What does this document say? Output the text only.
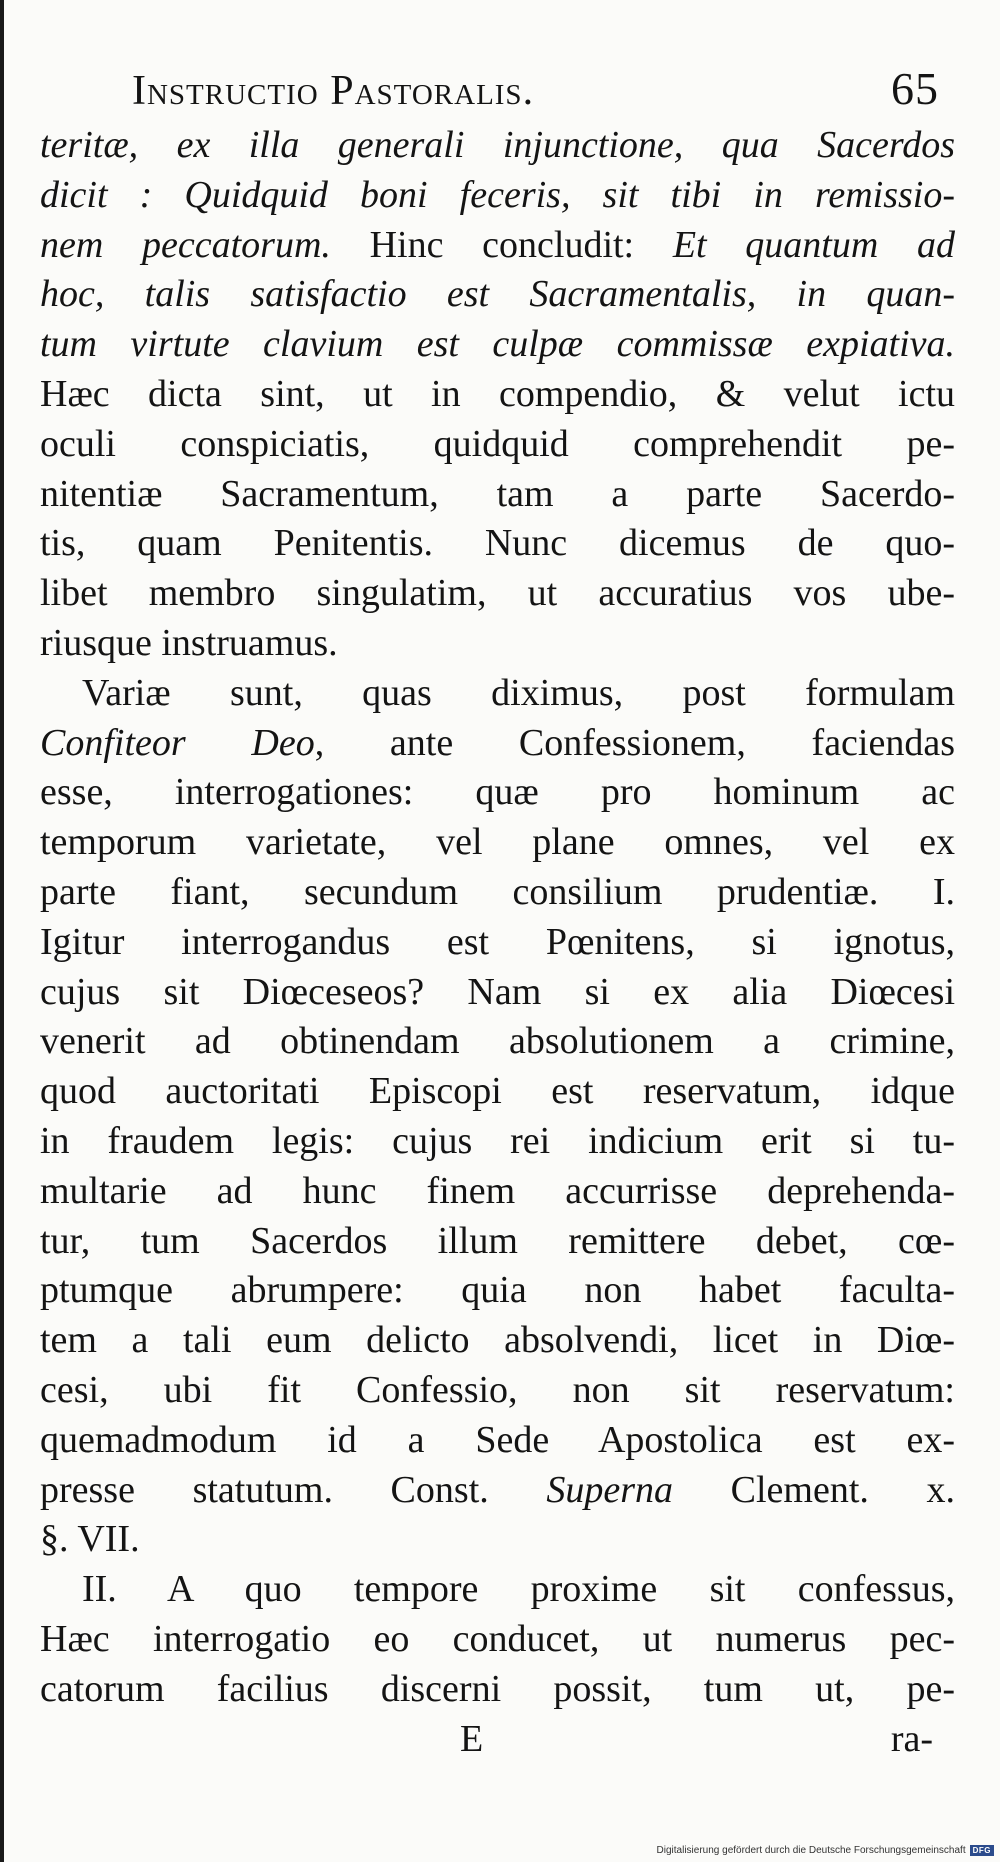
Instructio Pastoralis.	65

teritæ, ex illa generali injunctione, qua Sacerdos
dicit : Quidquid boni feceris, sit tibi in remissio-
nem peccatorum. Hinc concludit: Et quantum ad
hoc, talis satisfactio est Sacramentalis, in quan-
tum virtute clavium est culpæ commissæ expiativa.
Hæc dicta sint, ut in compendio, & velut ictu
oculi conspiciatis, quidquid comprehendit pe-
nitentiæ Sacramentum, tam a parte Sacerdo-
tis, quam Penitentis. Nunc dicemus de quo-
libet membro singulatim, ut accuratius vos ube-
riusque instruamus.

Variæ sunt, quas diximus, post formulam
Confiteor Deo, ante Confessionem, faciendas
esse, interrogationes: quæ pro hominum ac
temporum varietate, vel plane omnes, vel ex
parte fiant, secundum consilium prudentiæ. I.
Igitur interrogandus est Pœnitens, si ignotus,
cujus sit Diœceseos? Nam si ex alia Diœcesi
venerit ad obtinendam absolutionem a crimine,
quod auctoritati Episcopi est reservatum, idque
in fraudem legis: cujus rei indicium erit si tu-
multarie ad hunc finem accurrisse deprehenda-
tur, tum Sacerdos illum remittere debet, cœ-
ptumque abrumpere: quia non habet faculta-
tem a tali eum delicto absolvendi, licet in Diœ-
cesi, ubi fit Confessio, non sit reservatum:
quemadmodum id a Sede Apostolica est ex-
presse statutum. Const. Superna Clement. x.
§. VII.

II. A quo tempore proxime sit confessus,
Hæc interrogatio eo conducet, ut numerus pec-
catorum facilius discerni possit, tum ut, pe-

E	ra-
Digitalisierung gefördert durch die Deutsche Forschungsgemeinschaft DFG
